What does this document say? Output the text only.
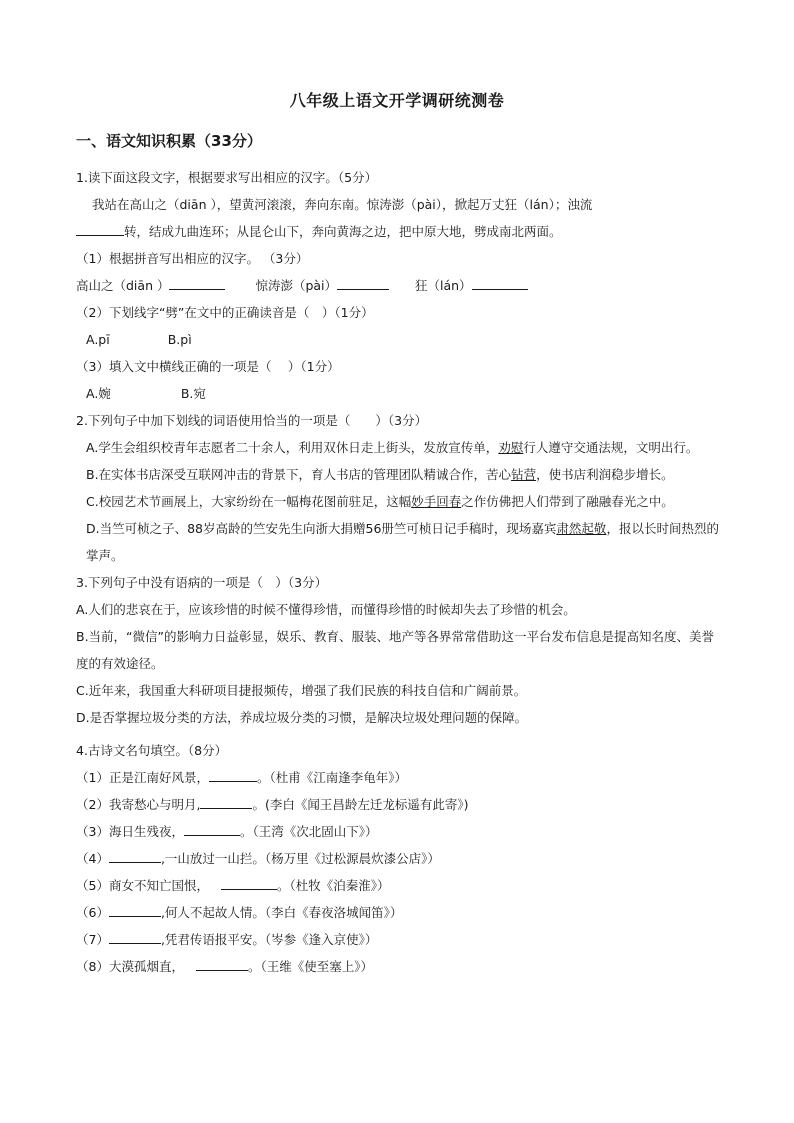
八年级上语文开学调研统测卷
一、语文知识积累（33分）
1.读下面这段文字，根据要求写出相应的汉字。（5分）
我站在高山之（diān ），望黄河滚滚，奔向东南。惊涛澎（pài），掀起万丈狂（lán）；浊流
转，结成九曲连环；从昆仑山下，奔向黄海之边，把中原大地，劈成南北两面。
（1）根据拼音写出相应的汉字。 （3分）
高山之（diān ）	惊涛澎（pài）	狂（lán）
（2）下划线字“劈”在文中的正确读音是（　）（1分）
A.pī	B.pì
（3）填入文中横线正确的一项是（　 ）（1分）
A.婉	B.宛
2.下列句子中加下划线的词语使用恰当的一项是（　　）（3分）
A.学生会组织校青年志愿者二十余人，利用双休日走上街头，发放宣传单，劝慰行人遵守交通法规，文明出行。
B.在实体书店深受互联网冲击的背景下，育人书店的管理团队精诚合作，苦心钻营，使书店利润稳步增长。
C.校园艺术节画展上，大家纷纷在一幅梅花图前驻足，这幅妙手回春之作仿佛把人们带到了融融春光之中。
D.当竺可桢之子、88岁高龄的竺安先生向浙大捐赠56册竺可桢日记手稿时，现场嘉宾肃然起敬，报以长时间热烈的掌声。
3.下列句子中没有语病的一项是（　）（3分）
A.人们的悲哀在于，应该珍惜的时候不懂得珍惜，而懂得珍惜的时候却失去了珍惜的机会。
B.当前，“微信”的影响力日益彰显，娱乐、教育、服装、地产等各界常常借助这一平台发布信息是提高知名度、美誉度的有效途径。
C.近年来，我国重大科研项目捷报频传，增强了我们民族的科技自信和广阔前景。
D.是否掌握垃圾分类的方法，养成垃圾分类的习惯，是解决垃圾处理问题的保障。
4.古诗文名句填空。（8分）
（1）正是江南好风景，	。（杜甫《江南逢李龟年》）
（2）我寄愁心与明月,	。(李白《闻王昌龄左迁龙标遥有此寄》)
（3）海日生残夜，	。（王湾《次北固山下》）
（4）	,一山放过一山拦。（杨万里《过松源晨炊漆公店》）
（5）商女不知亡国恨，	。（杜牧《泊秦淮》）
（6）	,何人不起故人情。（李白《春夜洛城闻笛》）
（7）	,凭君传语报平安。（岑参《逢入京使》）
（8）大漠孤烟直，	。（王维《使至塞上》）
